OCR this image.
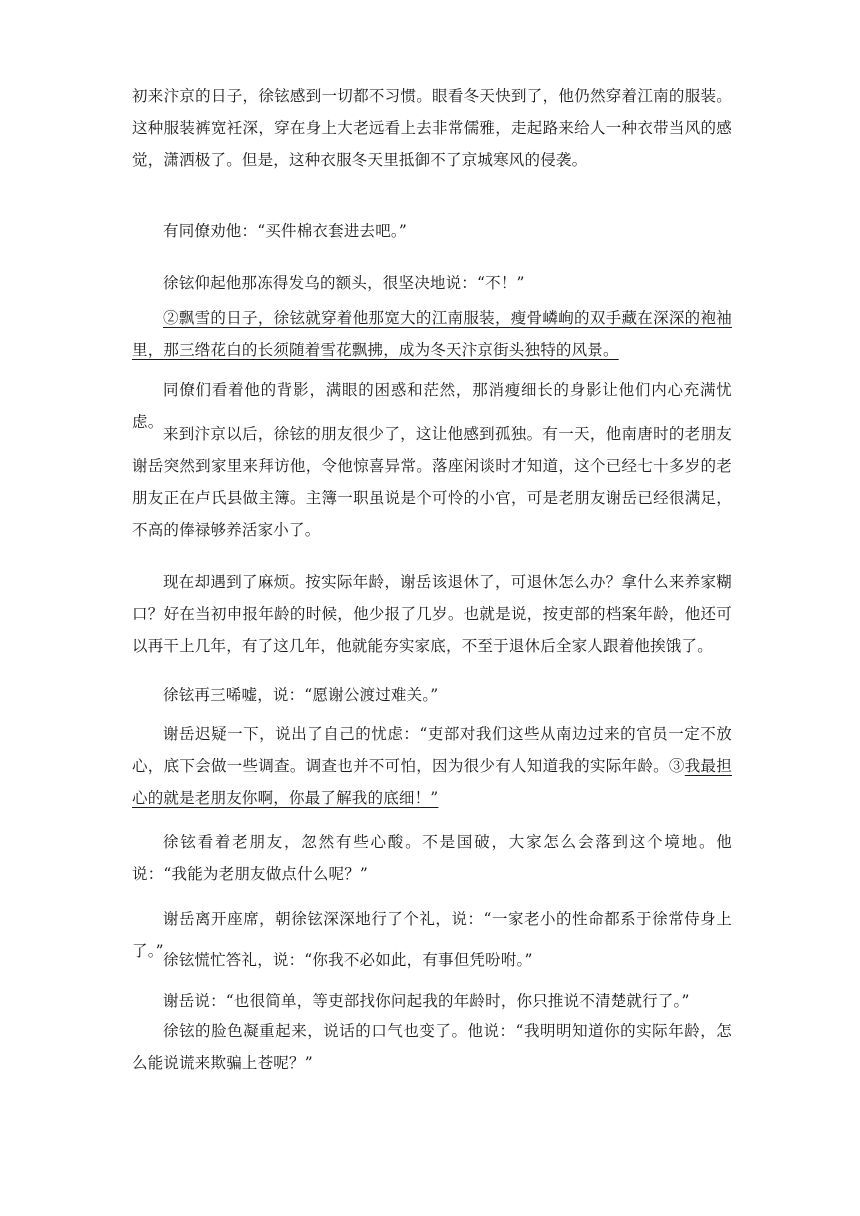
初来汴京的日子，徐铉感到一切都不习惯。眼看冬天快到了，他仍然穿着江南的服装。这种服装裤宽衽深，穿在身上大老远看上去非常儒雅，走起路来给人一种衣带当风的感觉，潇洒极了。但是，这种衣服冬天里抵御不了京城寒风的侵袭。

有同僚劝他：“买件棉衣套进去吧。”

徐铉仰起他那冻得发乌的额头，很坚决地说：“不！”

②飘雪的日子，徐铉就穿着他那宽大的江南服装，瘦骨嶙峋的双手藏在深深的袍袖里，那三绺花白的长须随着雪花飘拂，成为冬天汴京街头独特的风景。

同僚们看着他的背影，满眼的困惑和茫然，那消瘦细长的身影让他们内心充满忧虑。

来到汴京以后，徐铉的朋友很少了，这让他感到孤独。有一天，他南唐时的老朋友谢岳突然到家里来拜访他，令他惊喜异常。落座闲谈时才知道，这个已经七十多岁的老朋友正在卢氏县做主簿。主簿一职虽说是个可怜的小官，可是老朋友谢岳已经很满足，不高的俸禄够养活家小了。

现在却遇到了麻烦。按实际年龄，谢岳该退休了，可退休怎么办？拿什么来养家糊口？好在当初申报年龄的时候，他少报了几岁。也就是说，按吏部的档案年龄，他还可以再干上几年，有了这几年，他就能夯实家底，不至于退休后全家人跟着他挨饿了。

徐铉再三唏嘘，说：“愿谢公渡过难关。”

谢岳迟疑一下，说出了自己的忧虑：“吏部对我们这些从南边过来的官员一定不放心，底下会做一些调查。调查也并不可怕，因为很少有人知道我的实际年龄。③我最担心的就是老朋友你啊，你最了解我的底细！”

徐铉看着老朋友，忽然有些心酸。不是国破，大家怎么会落到这个境地。他说：“我能为老朋友做点什么呢？”

谢岳离开座席，朝徐铉深深地行了个礼，说：“一家老小的性命都系于徐常侍身上了。” 徐铉慌忙答礼，说：“你我不必如此，有事但凭吩咐。”

谢岳说：“也很简单，等吏部找你问起我的年龄时，你只推说不清楚就行了。”

徐铉的脸色凝重起来，说话的口气也变了。他说：“我明明知道你的实际年龄，怎么能说谎来欺骗上苍呢？”
